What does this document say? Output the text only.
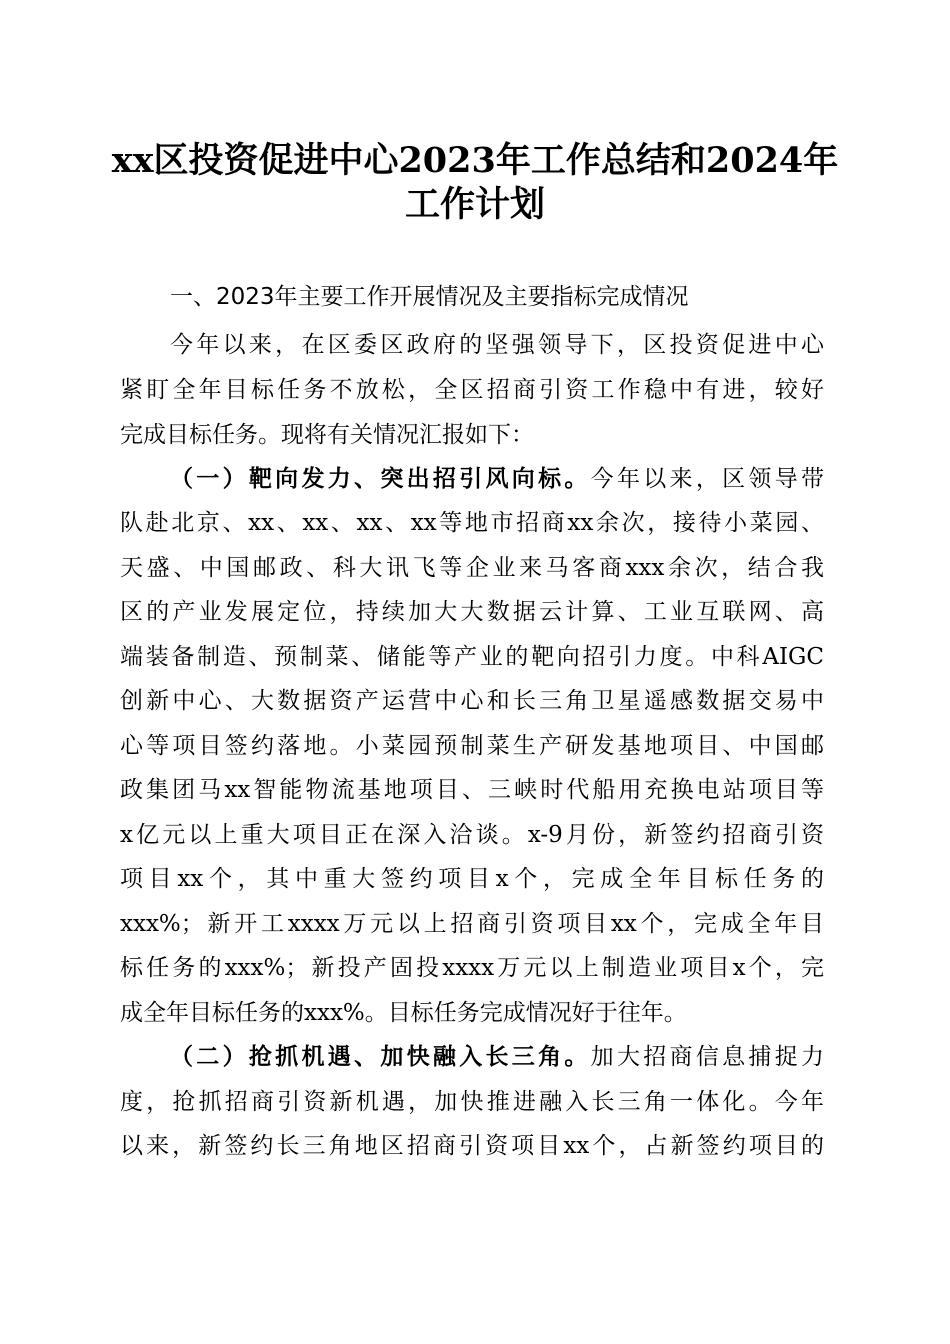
xx区投资促进中心2023年工作总结和2024年
工作计划
一、2023年主要工作开展情况及主要指标完成情况
今年以来，在区委区政府的坚强领导下，区投资促进中心
紧盯全年目标任务不放松，全区招商引资工作稳中有进，较好
完成目标任务。现将有关情况汇报如下：
（一）靶向发力、突出招引风向标。今年以来，区领导带
队赴北京、xx、xx、xx、xx等地市招商xx余次，接待小菜园、
天盛、中国邮政、科大讯飞等企业来马客商xxx余次，结合我
区的产业发展定位，持续加大大数据云计算、工业互联网、高
端装备制造、预制菜、储能等产业的靶向招引力度。中科AIGC
创新中心、大数据资产运营中心和长三角卫星遥感数据交易中
心等项目签约落地。小菜园预制菜生产研发基地项目、中国邮
政集团马xx智能物流基地项目、三峡时代船用充换电站项目等
x亿元以上重大项目正在深入洽谈。x-9月份，新签约招商引资
项目xx个，其中重大签约项目x个，完成全年目标任务的
xxx%；新开工xxxx万元以上招商引资项目xx个，完成全年目
标任务的xxx%；新投产固投xxxx万元以上制造业项目x个，完
成全年目标任务的xxx%。目标任务完成情况好于往年。
（二）抢抓机遇、加快融入长三角。加大招商信息捕捉力
度，抢抓招商引资新机遇，加快推进融入长三角一体化。今年
以来，新签约长三角地区招商引资项目xx个，占新签约项目的
